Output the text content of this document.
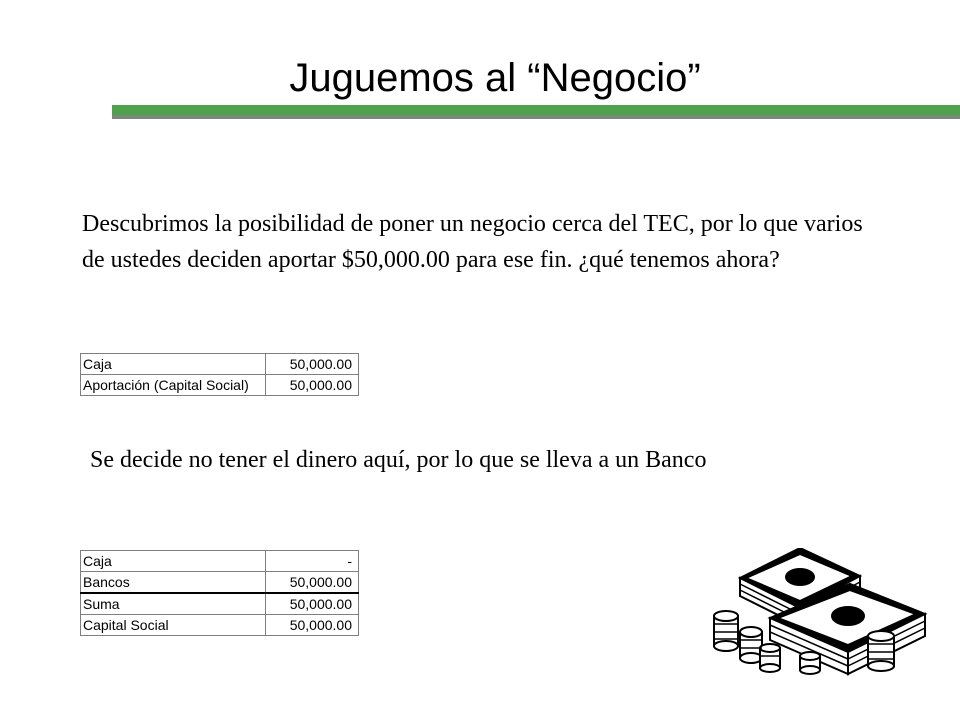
Juguemos al “Negocio”
Descubrimos la posibilidad de poner un negocio cerca del TEC, por lo que varios de ustedes deciden aportar $50,000.00 para ese fin. ¿qué tenemos ahora?
Caja	50,000.00
Aportación (Capital Social)	50,000.00
Se decide no tener el dinero aquí, por lo que se lleva a un Banco
Caja	-
Bancos	50,000.00
Suma	50,000.00
Capital Social	50,000.00
